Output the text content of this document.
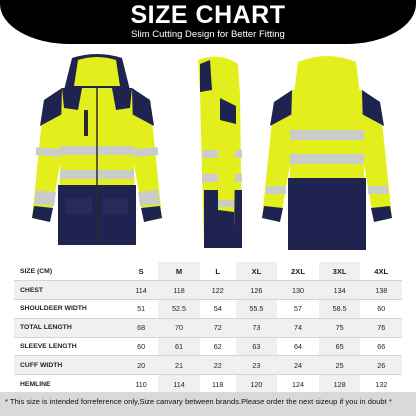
SIZE CHART
Slim Cutting Design for Better Fitting
SIZE (CM)	S	M	L	XL	2XL	3XL	4XL
CHEST	114	118	122	126	130	134	138
SHOULDEER WIDTH	51	52.5	54	55.5	57	58.5	60
TOTAL LENGTH	68	70	72	73	74	75	76
SLEEVE LENGTH	60	61	62	63	64	65	66
CUFF WIDTH	20	21	22	23	24	25	26
HEMLINE	110	114	118	120	124	128	132
* This size is intended forreference only,Size canvary between brands.Please order the next sizeup if you in doubt *
